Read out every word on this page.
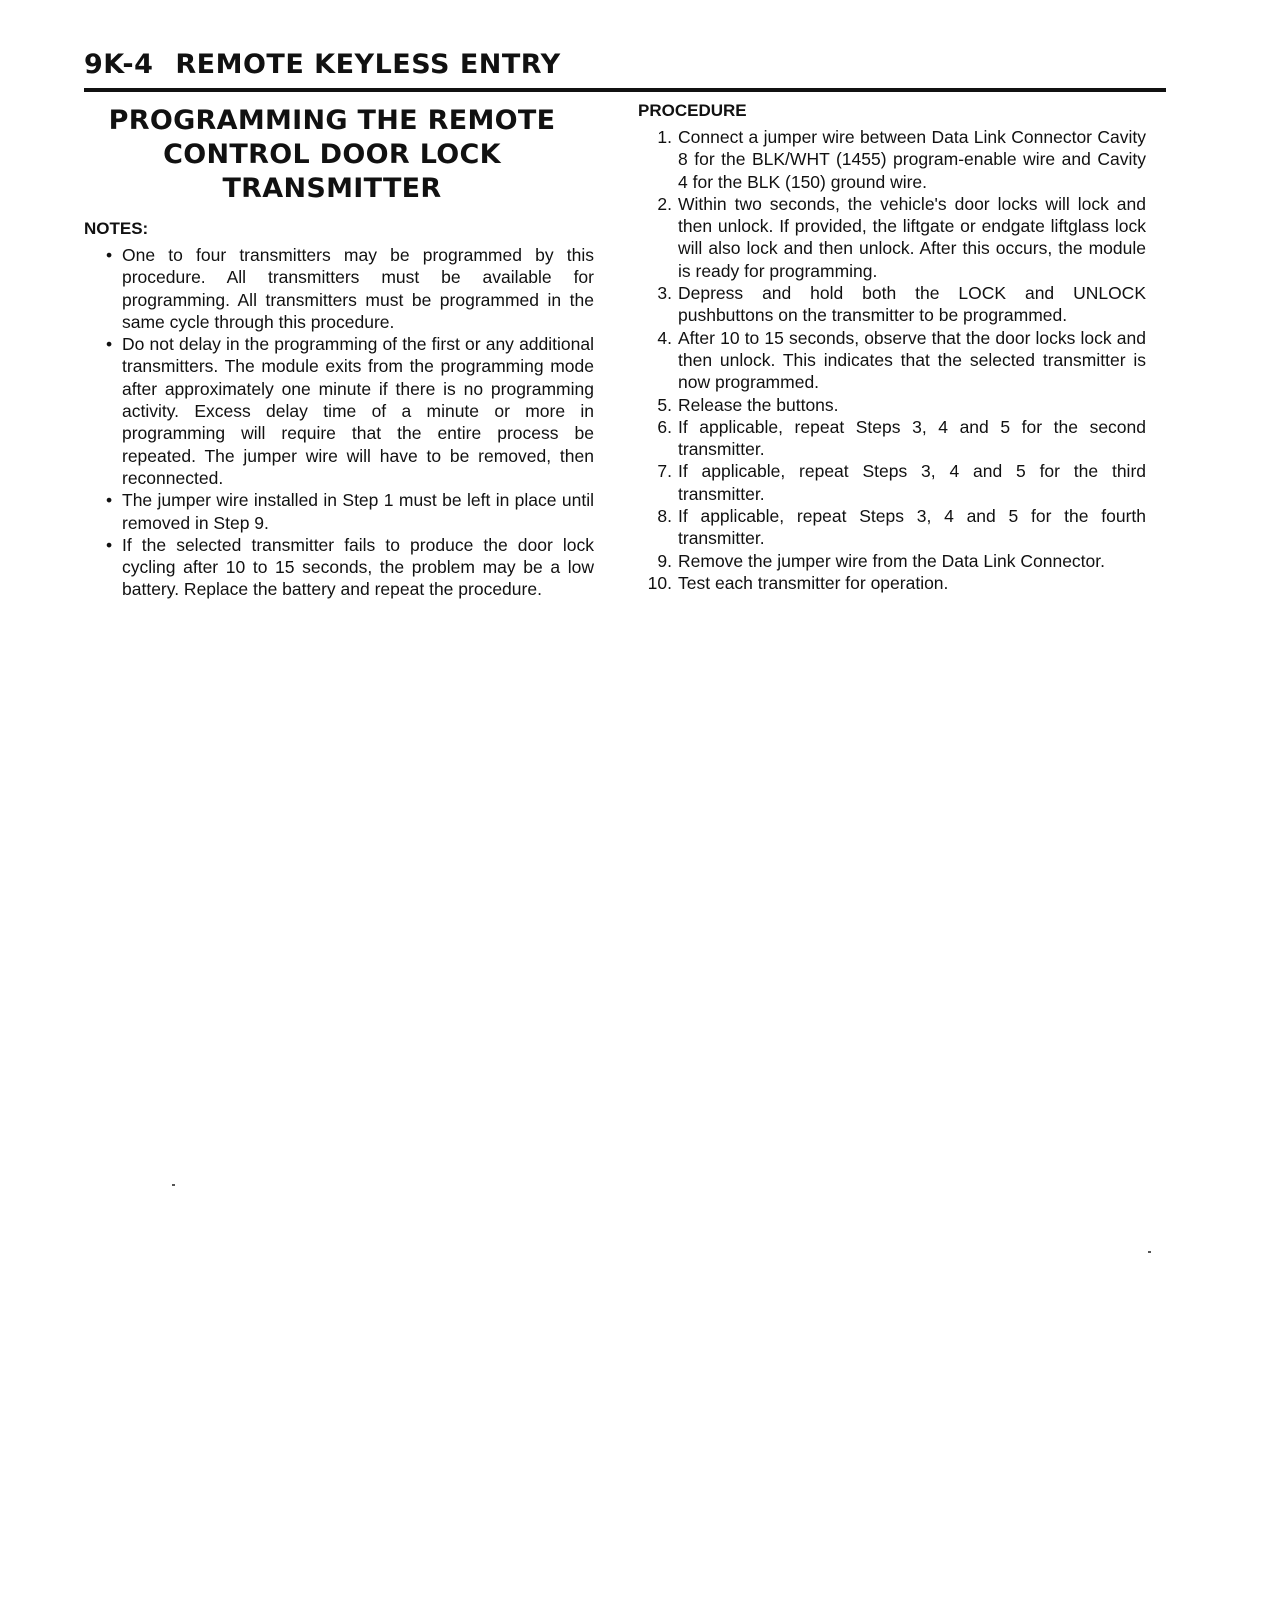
9K-4 REMOTE KEYLESS ENTRY
PROGRAMMING THE REMOTE
CONTROL DOOR LOCK
TRANSMITTER

NOTES:

• One to four transmitters may be programmed by this procedure. All transmitters must be available for programming. All transmitters must be programmed in the same cycle through this procedure.
• Do not delay in the programming of the first or any additional transmitters. The module exits from the programming mode after approximately one minute if there is no programming activity. Excess delay time of a minute or more in programming will require that the entire process be repeated. The jumper wire will have to be removed, then reconnected.
• The jumper wire installed in Step 1 must be left in place until removed in Step 9.
• If the selected transmitter fails to produce the door lock cycling after 10 to 15 seconds, the problem may be a low battery. Replace the battery and repeat the procedure.

PROCEDURE

1. Connect a jumper wire between Data Link Connector Cavity 8 for the BLK/WHT (1455) program-enable wire and Cavity 4 for the BLK (150) ground wire.
2. Within two seconds, the vehicle's door locks will lock and then unlock. If provided, the liftgate or endgate liftglass lock will also lock and then unlock. After this occurs, the module is ready for programming.
3. Depress and hold both the LOCK and UNLOCK pushbuttons on the transmitter to be programmed.
4. After 10 to 15 seconds, observe that the door locks lock and then unlock. This indicates that the selected transmitter is now programmed.
5. Release the buttons.
6. If applicable, repeat Steps 3, 4 and 5 for the second transmitter.
7. If applicable, repeat Steps 3, 4 and 5 for the third transmitter.
8. If applicable, repeat Steps 3, 4 and 5 for the fourth transmitter.
9. Remove the jumper wire from the Data Link Connector.
10. Test each transmitter for operation.
